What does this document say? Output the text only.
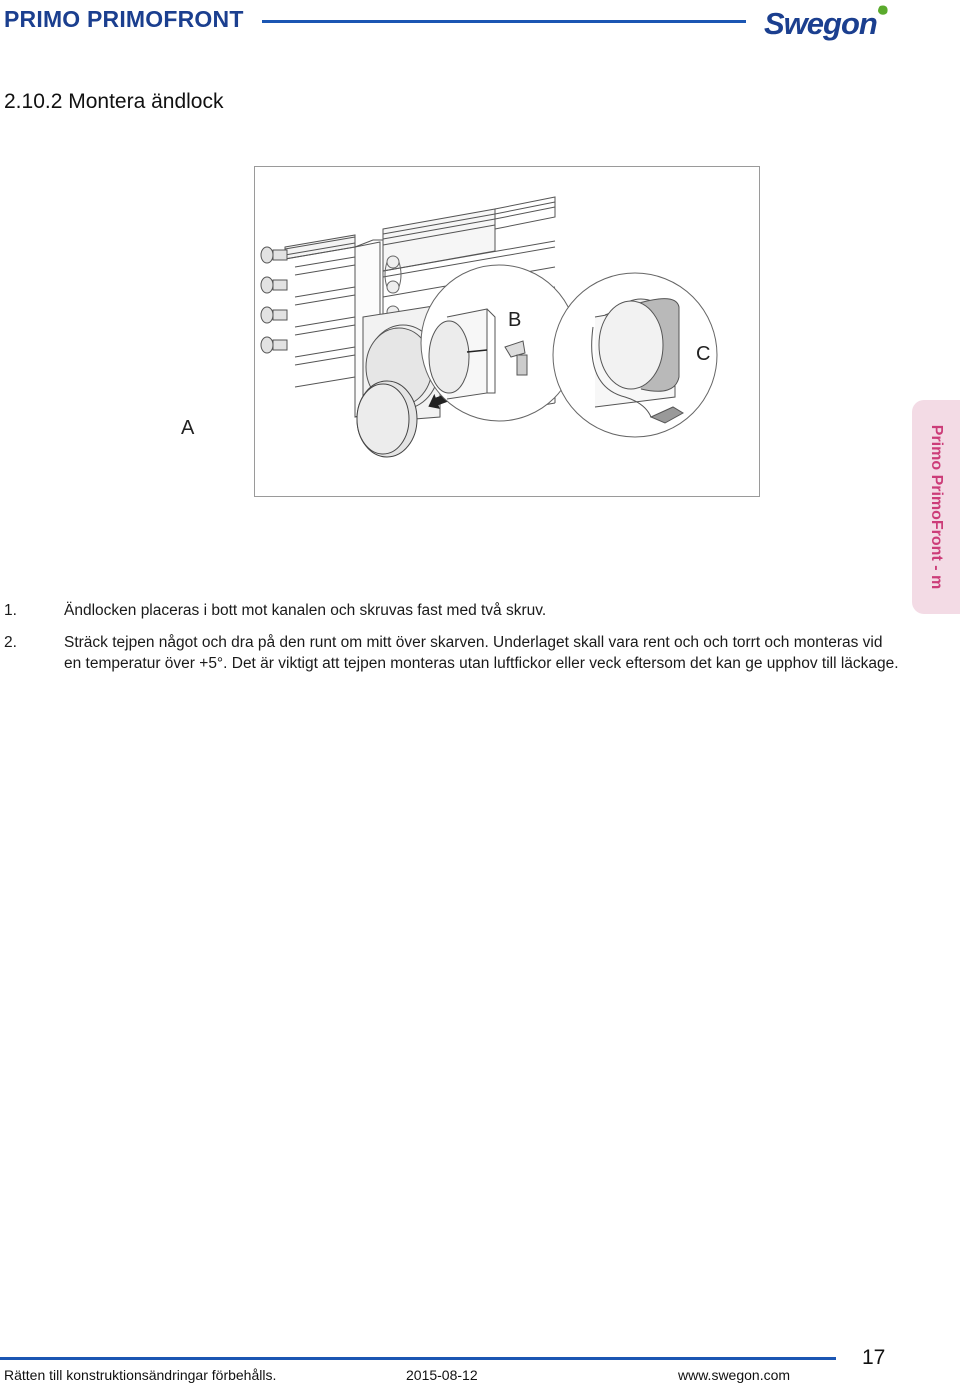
PRIMO PRIMOFRONT	Swegon
2.10.2 Montera ändlock
A
B
C
Primo PrimoFront - m
1.	Ändlocken placeras i bott mot kanalen och skruvas fast med två skruv.
2.	Sträck tejpen något och dra på den runt om mitt över skarven. Underlaget skall vara rent och och torrt och monteras vid en temperatur över +5°. Det är viktigt att tejpen monteras utan luftfickor eller veck eftersom det kan ge upphov till läckage.
17
Rätten till konstruktionsändringar förbehålls.	2015-08-12	www.swegon.com
